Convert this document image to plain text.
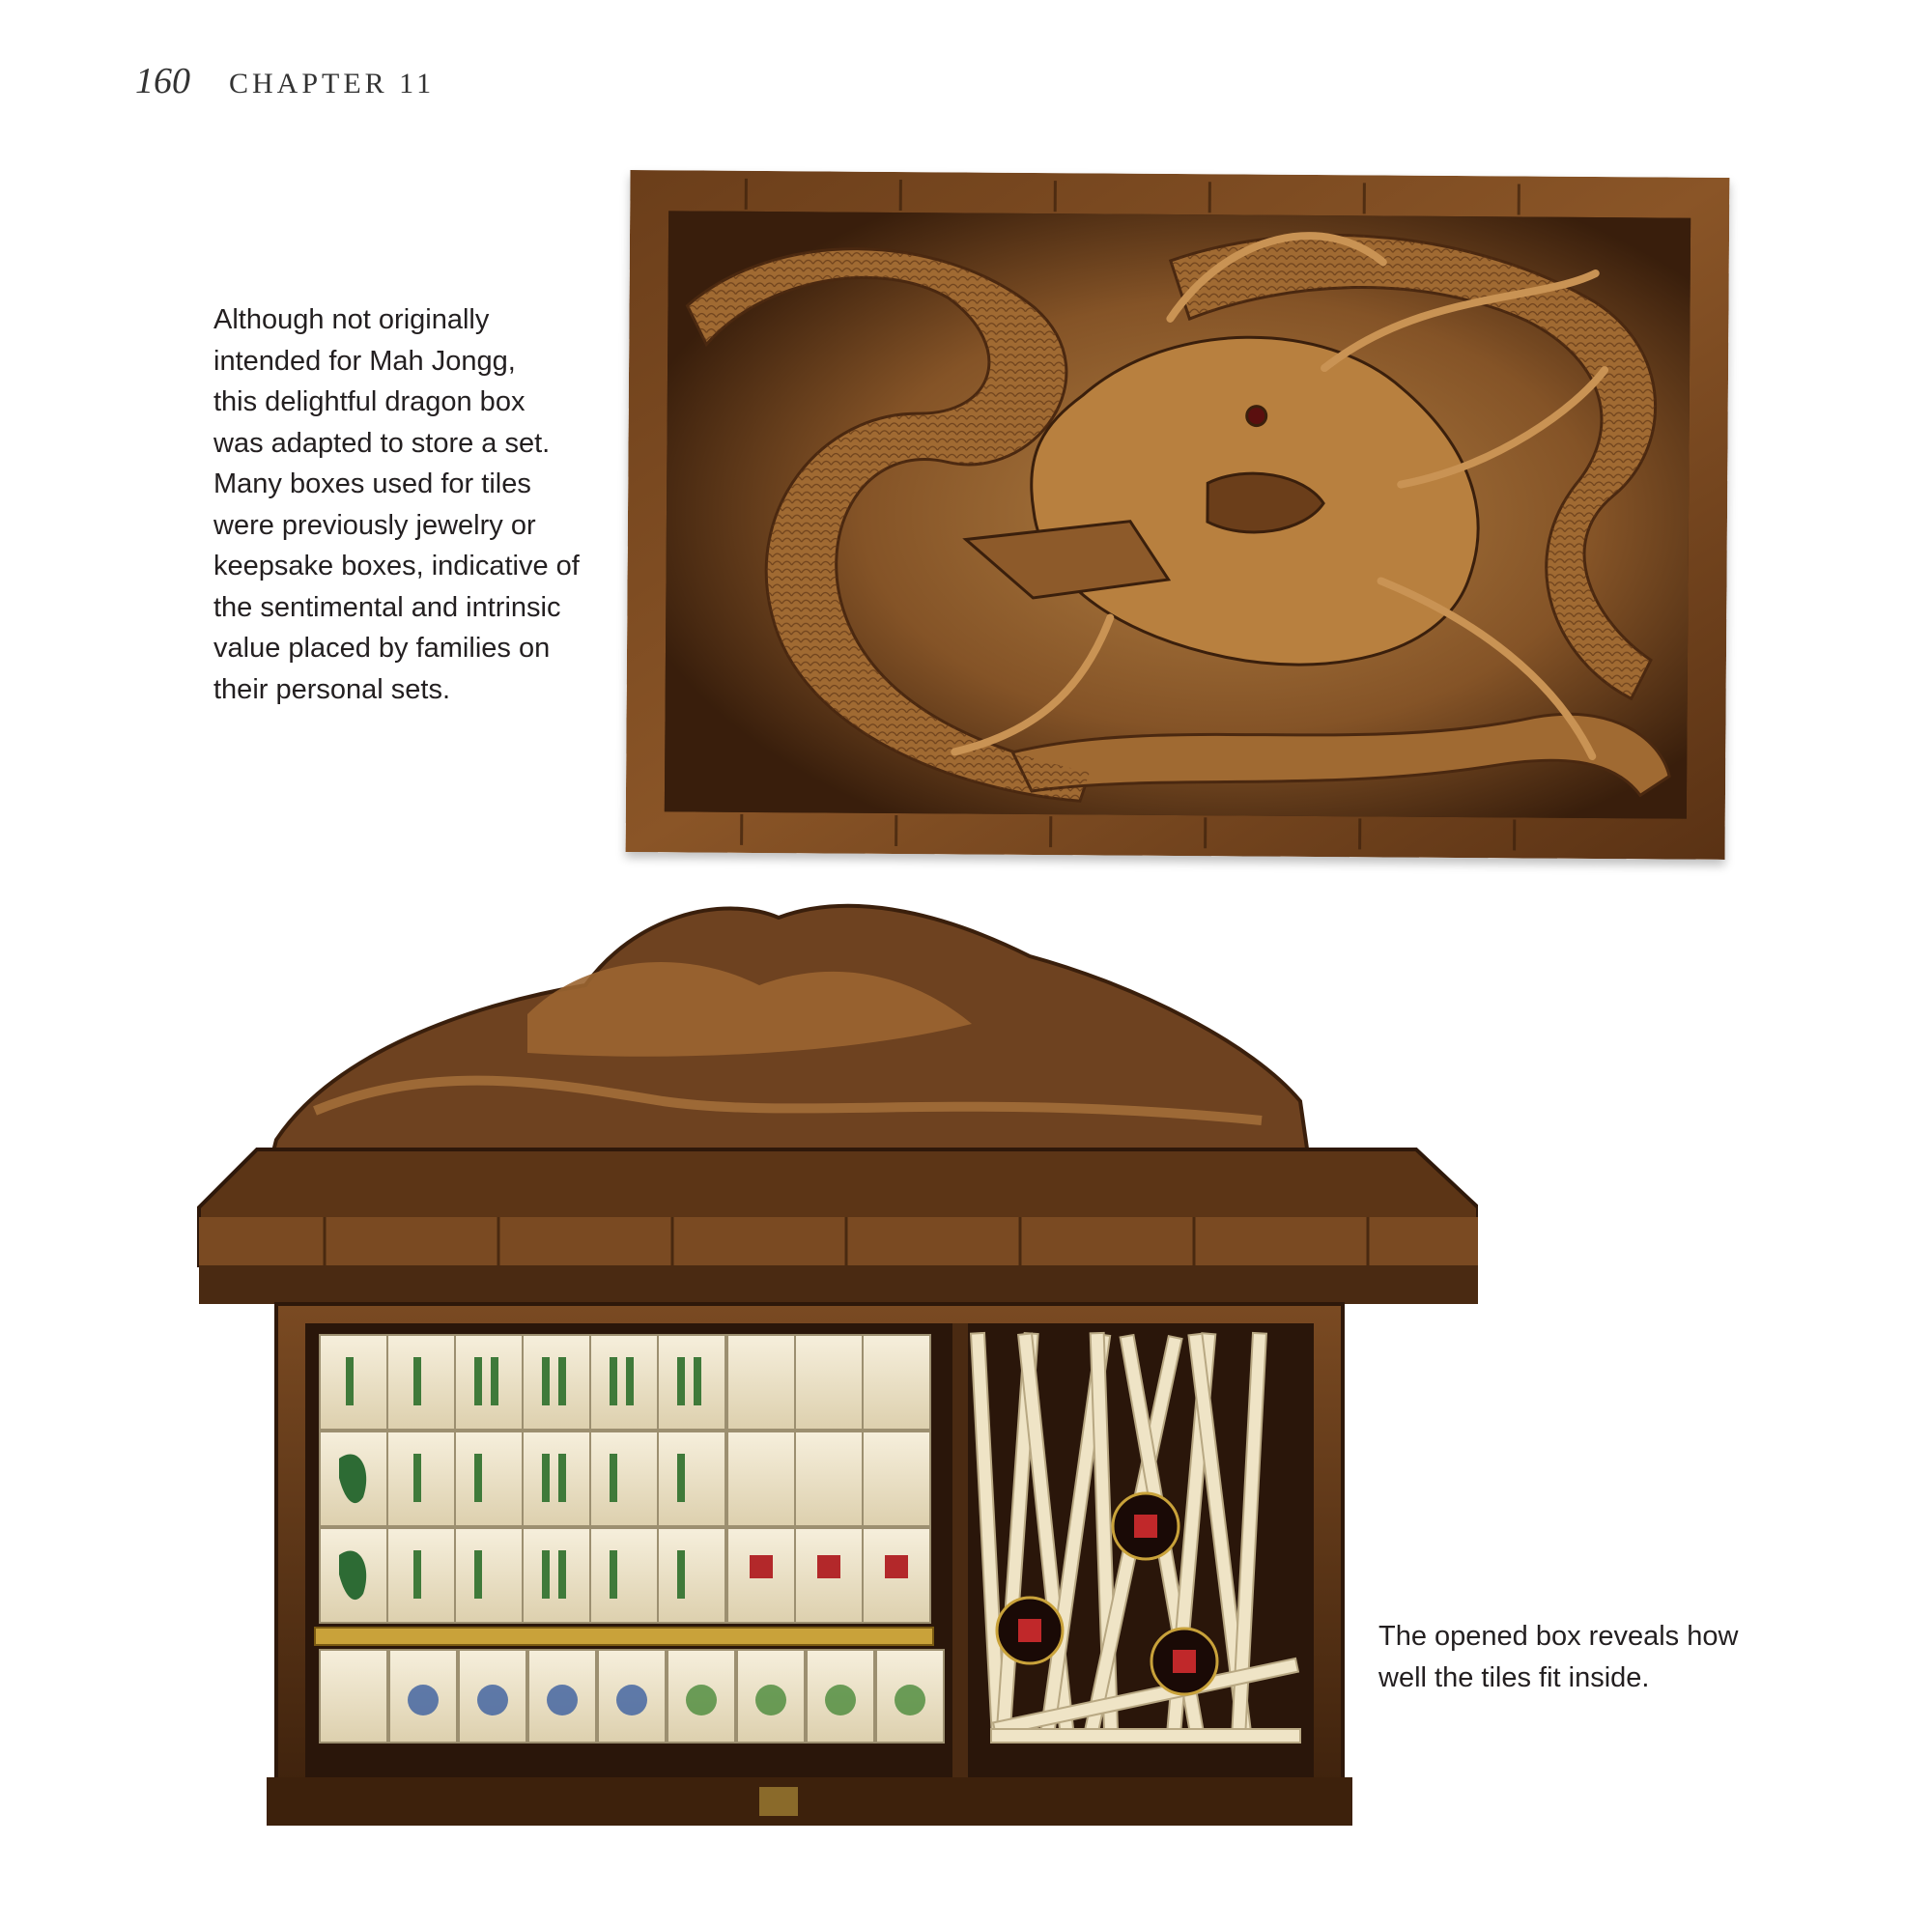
160 CHAPTER 11

Although not originally
intended for Mah Jongg,
this delightful dragon box
was adapted to store a set.
Many boxes used for tiles
were previously jewelry or
keepsake boxes, indicative of
the sentimental and intrinsic
value placed by families on
their personal sets.

The opened box reveals how
well the tiles fit inside.
